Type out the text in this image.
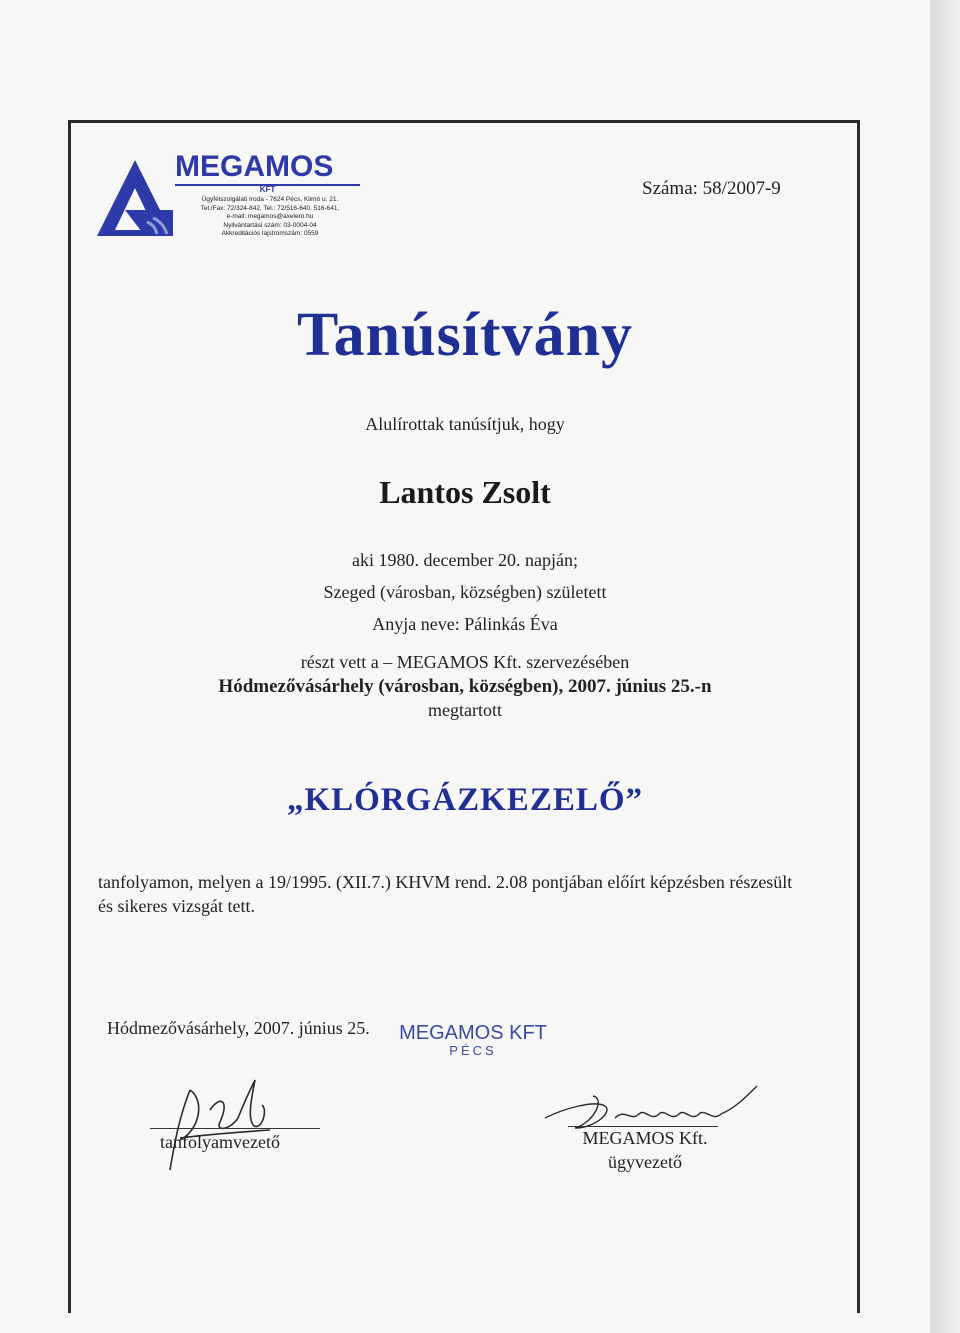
MEGAMOS
KFT
Ügyfélszolgálati Iroda - 7624 Pécs, Klimó u. 21.
Tel./Fax: 72/324-842, Tel.: 72/516-640, 516-641,
e-mail: megamos@axelero.hu
Nyilvántartási szám: 03-0004-04
Akkreditációs lajstromszám: 0559
Száma: 58/2007-9
Tanúsítvány
Alulírottak tanúsítjuk, hogy
Lantos Zsolt
aki 1980. december 20. napján;
Szeged (városban, községben) született
Anyja neve: Pálinkás Éva
részt vett a – MEGAMOS Kft. szervezésében
Hódmezővásárhely (városban, községben), 2007. június 25.-n
megtartott
„KLÓRGÁZKEZELŐ”
tanfolyamon, melyen a 19/1995. (XII.7.) KHVM rend. 2.08 pontjában előírt képzésben részesült
és sikeres vizsgát tett.
Hódmezővásárhely, 2007. június 25.	MEGAMOS KFT
PÉCS
tanfolyamvezető	MEGAMOS Kft.
ügyvezető
